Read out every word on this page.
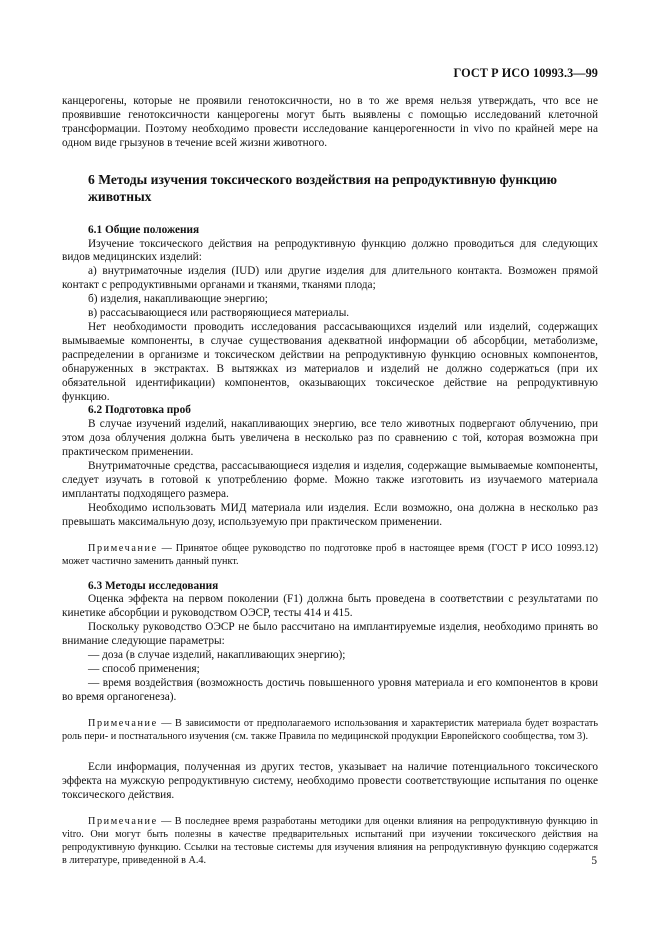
ГОСТ Р ИСО 10993.3—99

канцерогены, которые не проявили генотоксичности, но в то же время нельзя утверждать, что все не проявившие генотоксичности канцерогены могут быть выявлены с помощью исследований клеточной трансформации. Поэтому необходимо провести исследование канцерогенности in vivo по крайней мере на одном виде грызунов в течение всей жизни животного.

6 Методы изучения токсического воздействия на репродуктивную функцию животных
6.1 Общие положения

Изучение токсического действия на репродуктивную функцию должно проводиться для следующих видов медицинских изделий:

а) внутриматочные изделия (IUD) или другие изделия для длительного контакта. Возможен прямой контакт с репродуктивными органами и тканями, тканями плода;

б) изделия, накапливающие энергию;

в) рассасывающиеся или растворяющиеся материалы.

Нет необходимости проводить исследования рассасывающихся изделий или изделий, содержащих вымываемые компоненты, в случае существования адекватной информации об абсорбции, метаболизме, распределении в организме и токсическом действии на репродуктивную функцию основных компонентов, обнаруженных в экстрактах. В вытяжках из материалов и изделий не должно содержаться (при их обязательной идентификации) компонентов, оказывающих токсическое действие на репродуктивную функцию.

6.2 Подготовка проб

В случае изучений изделий, накапливающих энергию, все тело животных подвергают облучению, при этом доза облучения должна быть увеличена в несколько раз по сравнению с той, которая возможна при практическом применении.

Внутриматочные средства, рассасывающиеся изделия и изделия, содержащие вымываемые компоненты, следует изучать в готовой к употреблению форме. Можно также изготовить из изучаемого материала имплантаты подходящего размера.

Необходимо использовать МИД материала или изделия. Если возможно, она должна в несколько раз превышать максимальную дозу, используемую при практическом применении.

Примечание — Принятое общее руководство по подготовке проб в настоящее время (ГОСТ Р ИСО 10993.12) может частично заменить данный пункт.

6.3 Методы исследования

Оценка эффекта на первом поколении (F1) должна быть проведена в соответствии с результатами по кинетике абсорбции и руководством ОЭСР, тесты 414 и 415.

Поскольку руководство ОЭСР не было рассчитано на имплантируемые изделия, необходимо принять во внимание следующие параметры:

— доза (в случае изделий, накапливающих энергию);

— способ применения;

— время воздействия (возможность достичь повышенного уровня материала и его компонентов в крови во время органогенеза).

Примечание — В зависимости от предполагаемого использования и характеристик материала будет возрастать роль пери- и постнатального изучения (см. также Правила по медицинской продукции Европейского сообщества, том 3).

Если информация, полученная из других тестов, указывает на наличие потенциального токсического эффекта на мужскую репродуктивную систему, необходимо провести соответствующие испытания по оценке токсического действия.

Примечание — В последнее время разработаны методики для оценки влияния на репродуктивную функцию in vitro. Они могут быть полезны в качестве предварительных испытаний при изучении токсического действия на репродуктивную функцию. Ссылки на тестовые системы для изучения влияния на репродуктивную функцию содержатся в литературе, приведенной в А.4.	5
